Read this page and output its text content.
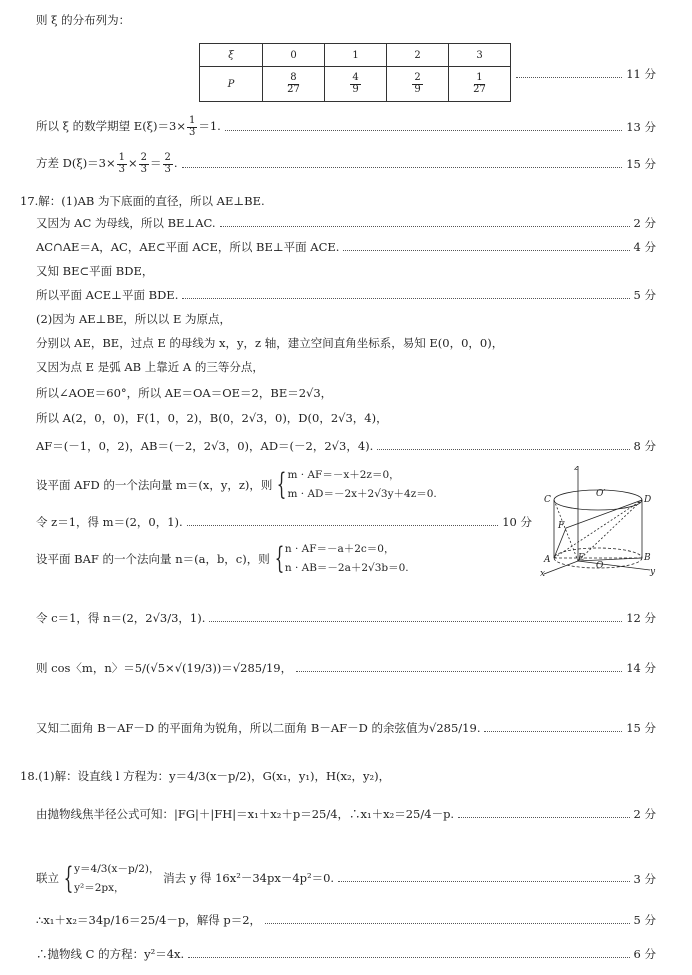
则 ξ 的分布列为：
ξ	0	1	2	3
P	$\frac{8}{27}$	$\frac{4}{9}$	$\frac{2}{9}$	$\frac{1}{27}$	11 分
所以 ξ 的数学期望 $E(\xi)=3\times \frac{1}{3} =1$.	13 分
方差 $D(\xi)=3\times \frac{1}{3} \times \frac{2}{3} = \frac{2}{3}$ .	15 分
17.解：(1)AB 为下底面的直径，所以 AE⊥BE.
又因为 AC 为母线，所以 BE⊥AC.	2 分
AC∩AE＝A，AC，AE⊂平面 ACE，所以 BE⊥平面 ACE.	4 分
又知 BE⊂平面 BDE，
所以平面 ACE⊥平面 BDE.	5 分
(2)因为 AE⊥BE，所以以 E 为原点，
分别以 AE，BE，过点 E 的母线为 x，y，z 轴，建立空间直角坐标系，易知 E(0，0，0)，
又因为点 E 是弧 AB 上靠近 A 的三等分点，
所以∠AOE＝60°，所以 AE＝OA＝OE＝2，BE＝2√3，
所以 A(2，0，0)，F(1，0，2)，B(0，2√3，0)，D(0，2√3，4)，
AF＝(－1，0，2)，AB＝(－2，2√3，0)，AD＝(－2，2√3，4).	8 分
设平面 AFD 的一个法向量 m＝(x，y，z)，则 { m · AF＝－x＋2z＝0，
m · AD＝－2x＋2√3y＋4z＝0.
令 z＝1，得 m＝(2，0，1).	10 分
设平面 BAF 的一个法向量 n＝(a，b，c)，则 { n · AF＝－a＋2c＝0，
n · AB＝－2a＋2√3b＝0.
z
C
O′
D
F
A	E
O
B
x	y
令 c＝1，得 n＝(2，2√3/3，1).	12 分
则 cos〈m，n〉＝5/(√5×√(19/3))＝√285/19，	14 分
又知二面角 B－AF－D 的平面角为锐角，所以二面角 B－AF－D 的余弦值为√285/19.	15 分
18.(1)解：设直线 l 方程为：y＝4/3(x－p/2)，G(x₁，y₁)，H(x₂，y₂)，
由抛物线焦半径公式可知：|FG|＋|FH|＝x₁＋x₂＋p＝25/4，∴x₁＋x₂＝25/4－p.	2 分
联立 { y＝4/3(x－p/2)，
y²＝2px，
消去 y 得 16x²－34px－4p²＝0.	3 分
∴x₁＋x₂＝34p/16＝25/4－p，解得 p＝2，	5 分
∴抛物线 C 的方程：y²＝4x.	6 分
